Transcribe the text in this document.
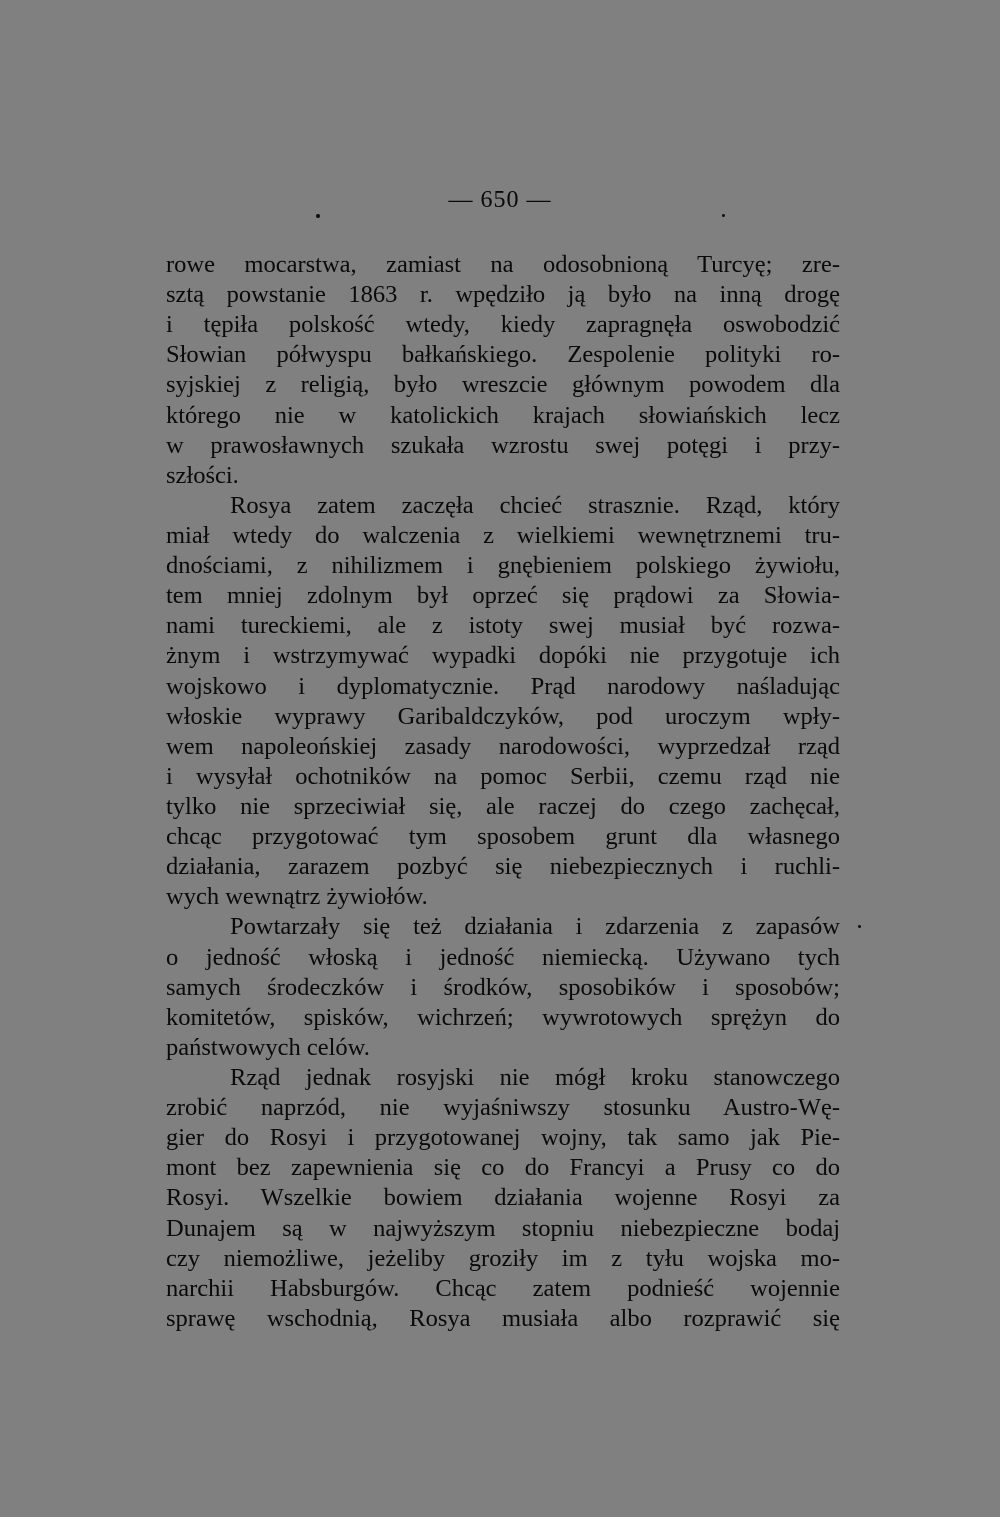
— 650 —
rowe mocarstwa, zamiast na odosobnioną Turcyę; zre-
sztą powstanie 1863 r. wpędziło ją było na inną drogę
i tępiła polskość wtedy, kiedy zapragnęła oswobodzić
Słowian półwyspu bałkańskiego. Zespolenie polityki ro-
syjskiej z religią, było wreszcie głównym powodem dla
którego nie w katolickich krajach słowiańskich lecz
w prawosławnych szukała wzrostu swej potęgi i przy-
szłości.
Rosya zatem zaczęła chcieć strasznie. Rząd, który
miał wtedy do walczenia z wielkiemi wewnętrznemi tru-
dnościami, z nihilizmem i gnębieniem polskiego żywiołu,
tem mniej zdolnym był oprzeć się prądowi za Słowia-
nami tureckiemi, ale z istoty swej musiał być rozwa-
żnym i wstrzymywać wypadki dopóki nie przygotuje ich
wojskowo i dyplomatycznie. Prąd narodowy naśladując
włoskie wyprawy Garibaldczyków, pod uroczym wpły-
wem napoleońskiej zasady narodowości, wyprzedzał rząd
i wysyłał ochotników na pomoc Serbii, czemu rząd nie
tylko nie sprzeciwiał się, ale raczej do czego zachęcał,
chcąc przygotować tym sposobem grunt dla własnego
działania, zarazem pozbyć się niebezpiecznych i ruchli-
wych wewnątrz żywiołów.
Powtarzały się też działania i zdarzenia z zapasów
o jedność włoską i jedność niemiecką. Używano tych
samych środeczków i środków, sposobików i sposobów;
komitetów, spisków, wichrzeń; wywrotowych sprężyn do
państwowych celów.
Rząd jednak rosyjski nie mógł kroku stanowczego
zrobić naprzód, nie wyjaśniwszy stosunku Austro-Wę-
gier do Rosyi i przygotowanej wojny, tak samo jak Pie-
mont bez zapewnienia się co do Francyi a Prusy co do
Rosyi. Wszelkie bowiem działania wojenne Rosyi za
Dunajem są w najwyższym stopniu niebezpieczne bodaj
czy niemożliwe, jeżeliby groziły im z tyłu wojska mo-
narchii Habsburgów. Chcąc zatem podnieść wojennie
sprawę wschodnią, Rosya musiała albo rozprawić się
